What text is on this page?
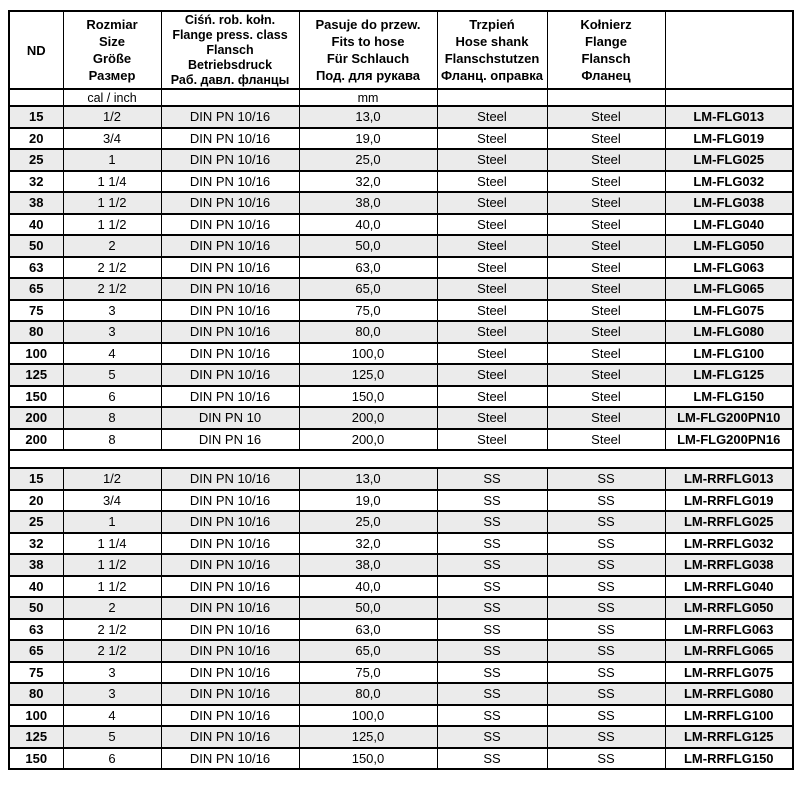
ND	Rozmiar
Size
Größe
Размер	Ciśń. rob. kołn.
Flange press. class
Flansch
Betriebsdruck
Раб. давл. фланцы	Pasuje do przew.
Fits to hose
Für Schlauch
Под. для рукава	Trzpień
Hose shank
Flanschstutzen
Фланц. оправка	Kołnierz
Flange
Flansch
Фланец	
	cal / inch		mm			
15	1/2	DIN PN 10/16	13,0	Steel	Steel	LM-FLG013
20	3/4	DIN PN 10/16	19,0	Steel	Steel	LM-FLG019
25	1	DIN PN 10/16	25,0	Steel	Steel	LM-FLG025
32	1 1/4	DIN PN 10/16	32,0	Steel	Steel	LM-FLG032
38	1 1/2	DIN PN 10/16	38,0	Steel	Steel	LM-FLG038
40	1 1/2	DIN PN 10/16	40,0	Steel	Steel	LM-FLG040
50	2	DIN PN 10/16	50,0	Steel	Steel	LM-FLG050
63	2 1/2	DIN PN 10/16	63,0	Steel	Steel	LM-FLG063
65	2 1/2	DIN PN 10/16	65,0	Steel	Steel	LM-FLG065
75	3	DIN PN 10/16	75,0	Steel	Steel	LM-FLG075
80	3	DIN PN 10/16	80,0	Steel	Steel	LM-FLG080
100	4	DIN PN 10/16	100,0	Steel	Steel	LM-FLG100
125	5	DIN PN 10/16	125,0	Steel	Steel	LM-FLG125
150	6	DIN PN 10/16	150,0	Steel	Steel	LM-FLG150
200	8	DIN PN 10	200,0	Steel	Steel	LM-FLG200PN10
200	8	DIN PN 16	200,0	Steel	Steel	LM-FLG200PN16

15	1/2	DIN PN 10/16	13,0	SS	SS	LM-RRFLG013
20	3/4	DIN PN 10/16	19,0	SS	SS	LM-RRFLG019
25	1	DIN PN 10/16	25,0	SS	SS	LM-RRFLG025
32	1 1/4	DIN PN 10/16	32,0	SS	SS	LM-RRFLG032
38	1 1/2	DIN PN 10/16	38,0	SS	SS	LM-RRFLG038
40	1 1/2	DIN PN 10/16	40,0	SS	SS	LM-RRFLG040
50	2	DIN PN 10/16	50,0	SS	SS	LM-RRFLG050
63	2 1/2	DIN PN 10/16	63,0	SS	SS	LM-RRFLG063
65	2 1/2	DIN PN 10/16	65,0	SS	SS	LM-RRFLG065
75	3	DIN PN 10/16	75,0	SS	SS	LM-RRFLG075
80	3	DIN PN 10/16	80,0	SS	SS	LM-RRFLG080
100	4	DIN PN 10/16	100,0	SS	SS	LM-RRFLG100
125	5	DIN PN 10/16	125,0	SS	SS	LM-RRFLG125
150	6	DIN PN 10/16	150,0	SS	SS	LM-RRFLG150
